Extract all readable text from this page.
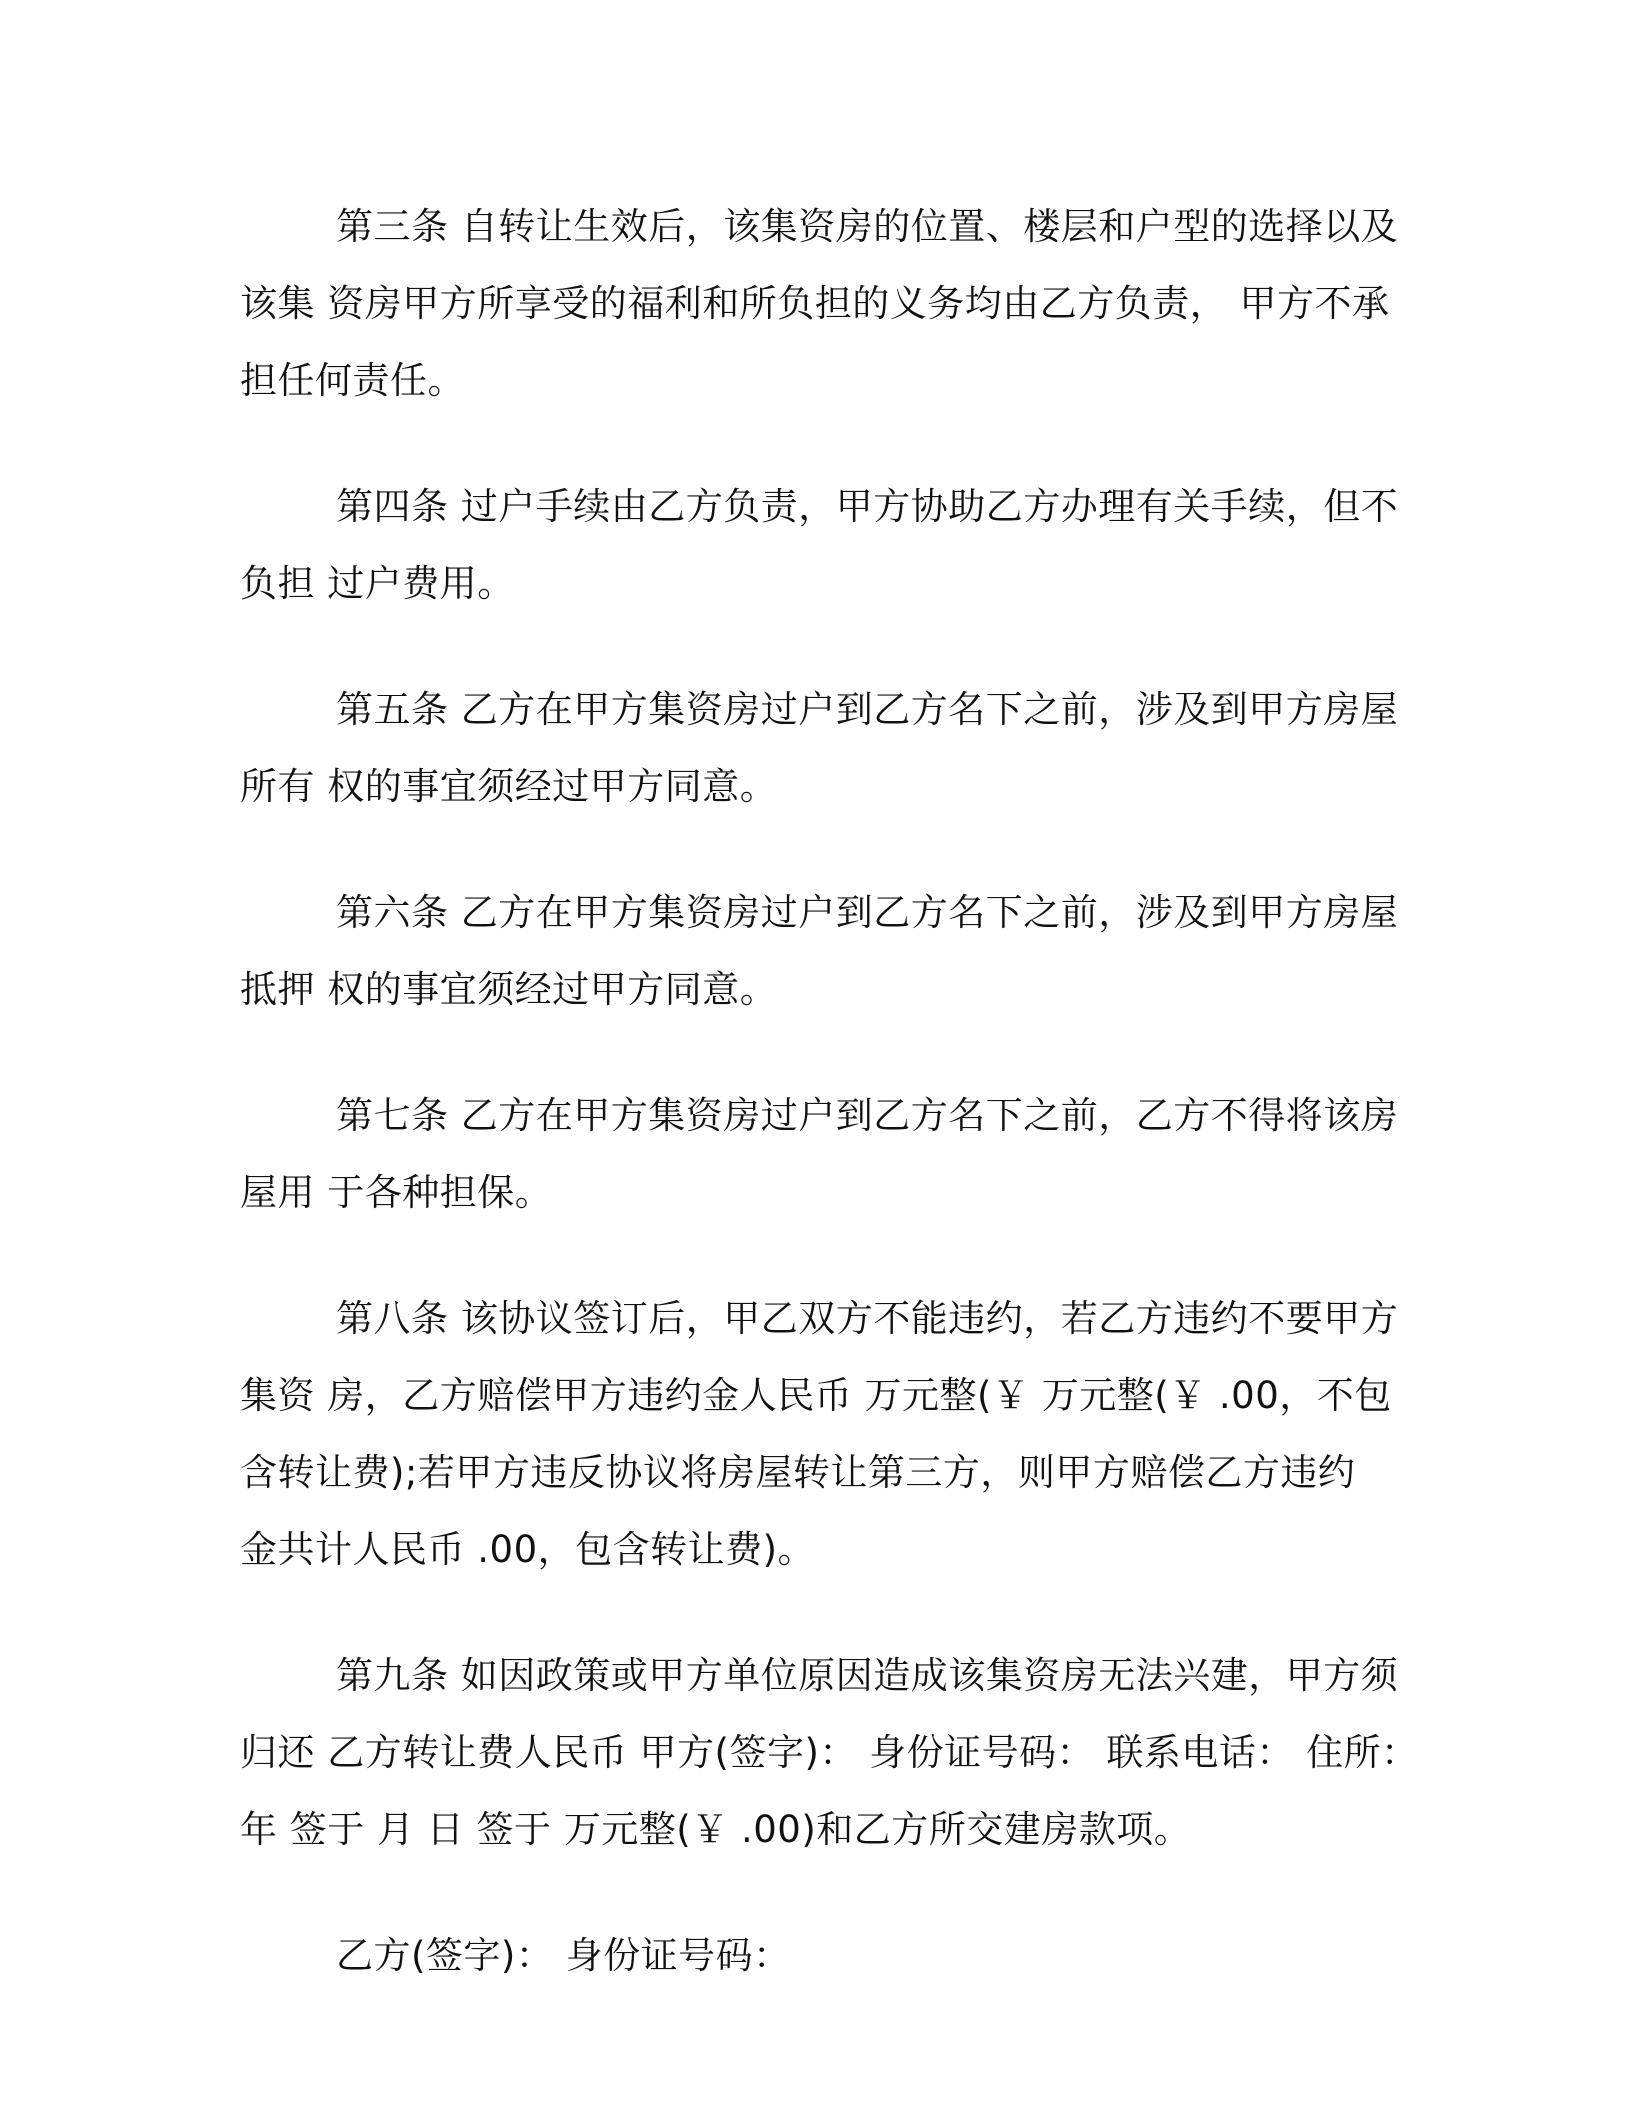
第三条 自转让生效后，该集资房的位置、楼层和户型的选择以及
该集 资房甲方所享受的福利和所负担的义务均由乙方负责， 甲方不承
担任何责任。

第四条 过户手续由乙方负责，甲方协助乙方办理有关手续，但不
负担 过户费用。

第五条 乙方在甲方集资房过户到乙方名下之前，涉及到甲方房屋
所有 权的事宜须经过甲方同意。

第六条 乙方在甲方集资房过户到乙方名下之前，涉及到甲方房屋
抵押 权的事宜须经过甲方同意。

第七条 乙方在甲方集资房过户到乙方名下之前，乙方不得将该房
屋用 于各种担保。

第八条 该协议签订后，甲乙双方不能违约，若乙方违约不要甲方
集资 房，乙方赔偿甲方违约金人民币 万元整(￥ 万元整(￥ .00，不包
含转让费);若甲方违反协议将房屋转让第三方，则甲方赔偿乙方违约
金共计人民币 .00，包含转让费)。

第九条 如因政策或甲方单位原因造成该集资房无法兴建，甲方须
归还 乙方转让费人民币 甲方(签字)： 身份证号码： 联系电话： 住所：
年 签于 月 日 签于 万元整(￥ .00)和乙方所交建房款项。

乙方(签字)： 身份证号码：
